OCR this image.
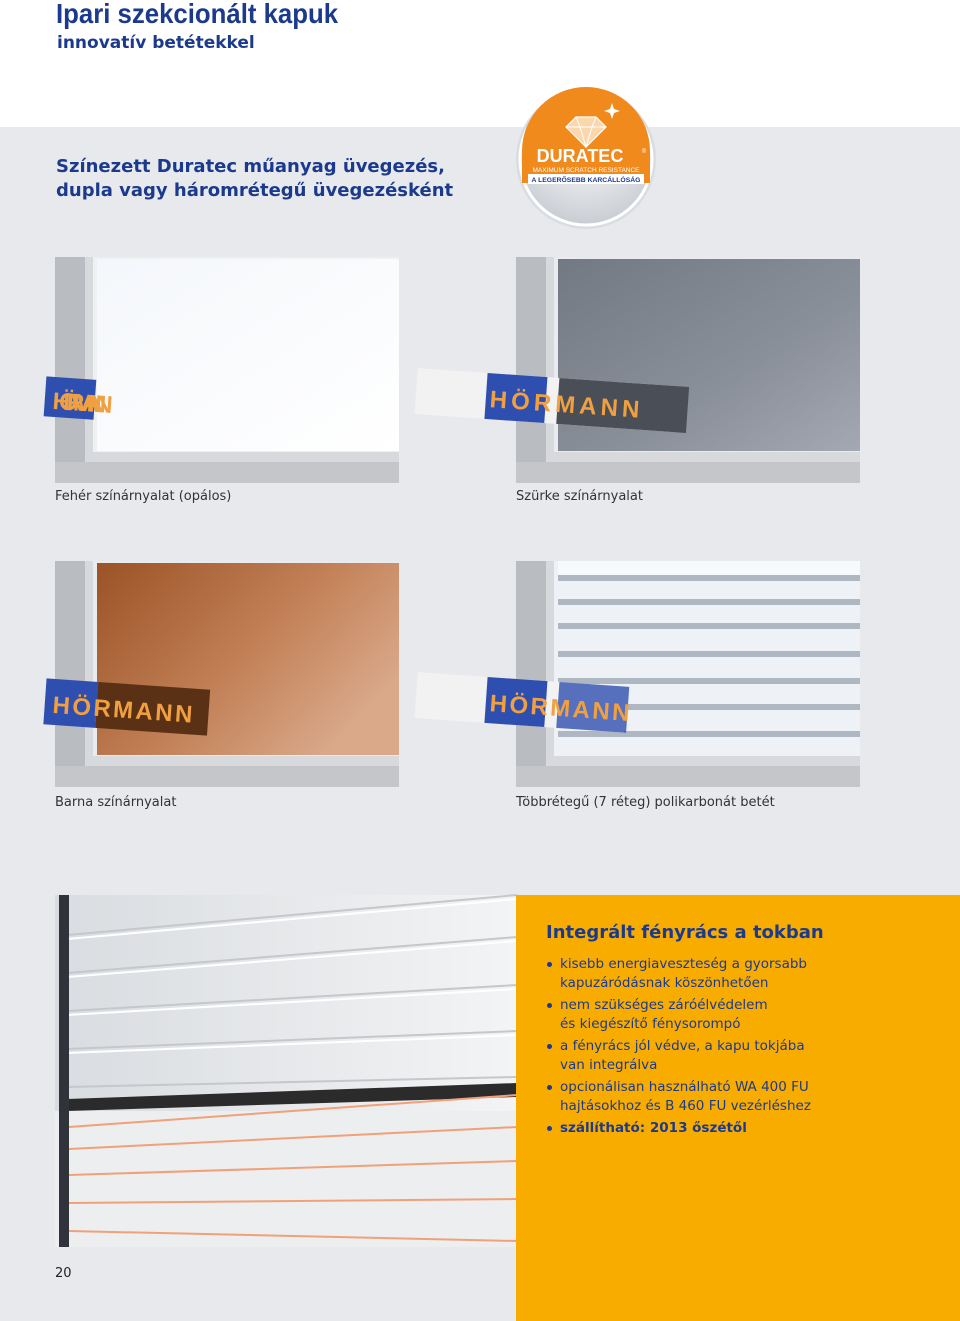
Ipari szekcionált kapuk

innovatív betétekkel

Színezett Duratec műanyag üvegezés,
dupla vagy háromrétegű üvegezésként
DURATEC	®
MAXIMUM SCRATCH RESISTANCE
A LEGERŐSEBB KARCÁLLÓSÁG
HÖRMANN
Fehér színárnyalat (opálos)
HÖRMANN
Szürke színárnyalat
HÖRMANN
Barna színárnyalat
HÖRMANN
Többrétegű (7 réteg) polikarbonát betét
Integrált fényrács a tokban
kisebb energiaveszteség a gyorsabb
kapuzáródásnak köszönhetően
nem szükséges záróélvédelem
és kiegészítő fénysorompó
a fényrács jól védve, a kapu tokjába
van integrálva
opcionálisan használható WA 400 FU
hajtásokhoz és B 460 FU vezérléshez
szállítható: 2013 őszétől
20
